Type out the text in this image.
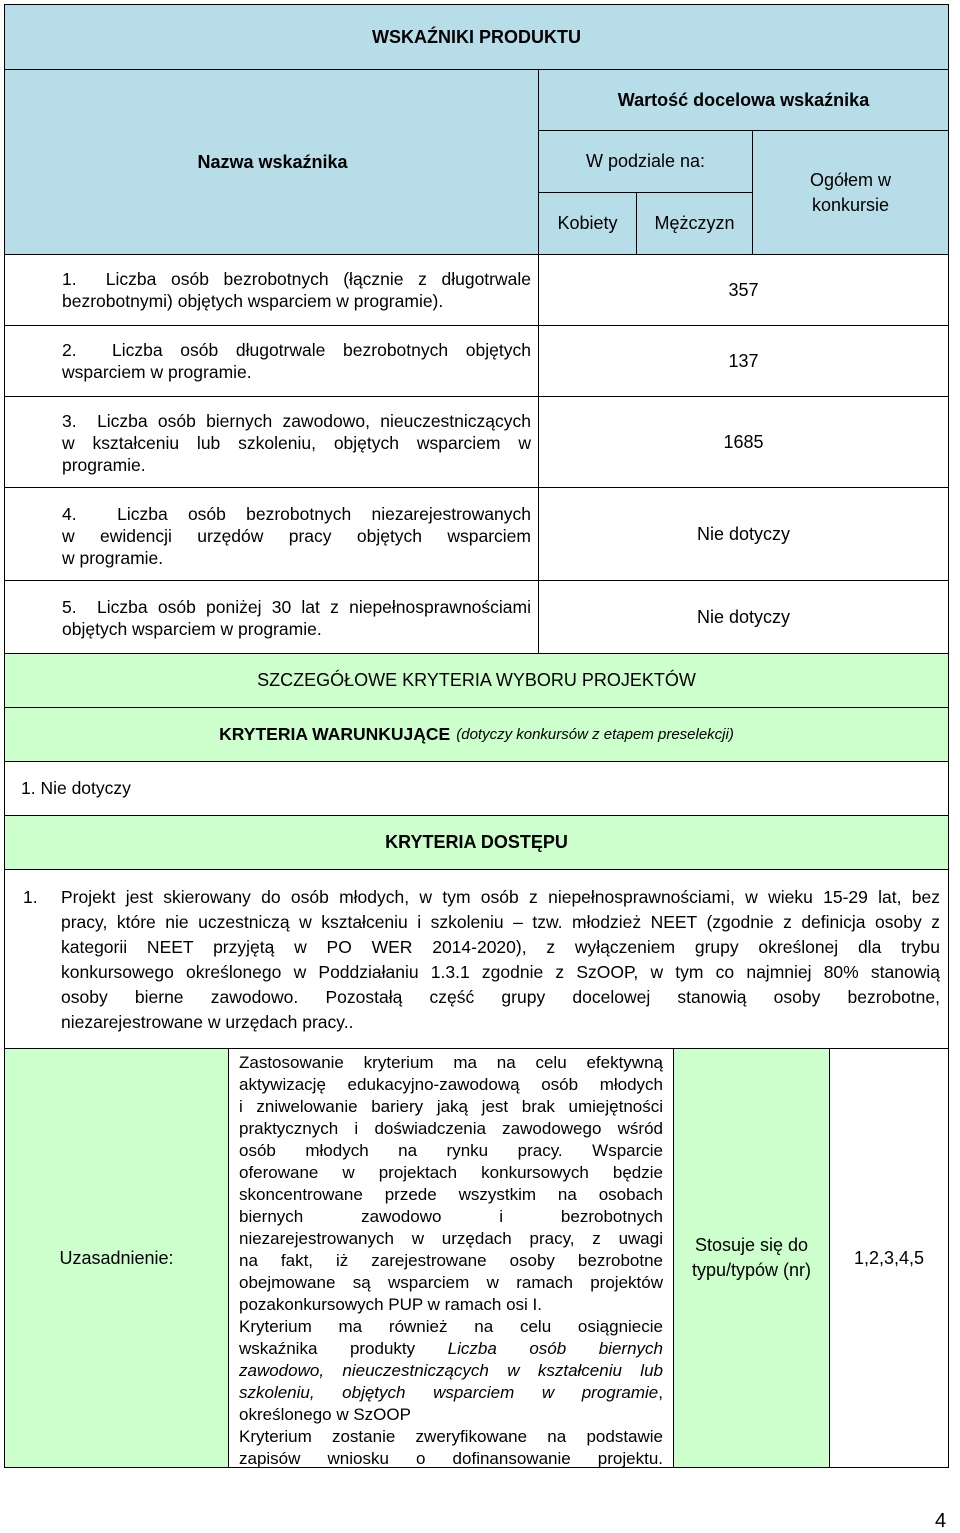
WSKAŹNIKI PRODUKTU
Nazwa wskaźnika
Wartość docelowa wskaźnika
W podziale na:
Kobiety	Mężczyzn
Ogółem w konkursie
1.  Liczba osób bezrobotnych (łącznie z długotrwale
bezrobotnymi) objętych wsparciem w programie).
357
2.  Liczba osób długotrwale bezrobotnych objętych
wsparciem w programie.
137
3.  Liczba osób biernych zawodowo, nieuczestniczących
w kształceniu lub szkoleniu, objętych wsparciem w
programie.
1685
4.  Liczba osób bezrobotnych niezarejestrowanych
w ewidencji urzędów pracy objętych wsparciem
w programie.
Nie dotyczy
5.  Liczba osób poniżej 30 lat z niepełnosprawnościami
objętych wsparciem w programie.
Nie dotyczy
SZCZEGÓŁOWE KRYTERIA WYBORU PROJEKTÓW
KRYTERIA WARUNKUJĄCE (dotyczy konkursów z etapem preselekcji)
1. Nie dotyczy
KRYTERIA DOSTĘPU
1. Projekt jest skierowany do osób młodych, w tym osób z niepełnosprawnościami, w wieku 15-29 lat, bez
pracy, które nie uczestniczą w kształceniu i szkoleniu – tzw. młodzież NEET (zgodnie z definicja osoby z
kategorii NEET przyjętą w PO WER 2014-2020), z wyłączeniem grupy określonej dla trybu
konkursowego określonego w Poddziałaniu 1.3.1 zgodnie z SzOOP, w tym co najmniej 80% stanowią
osoby bierne zawodowo. Pozostałą część grupy docelowej stanowią osoby bezrobotne,
niezarejestrowane w urzędach pracy..
Uzasadnienie:
Zastosowanie kryterium ma na celu efektywną
aktywizację edukacyjno-zawodową osób młodych
i zniwelowanie bariery jaką jest brak umiejętności
praktycznych i doświadczenia zawodowego wśród
osób młodych na rynku pracy. Wsparcie
oferowane w projektach konkursowych będzie
skoncentrowane przede wszystkim na osobach
biernych zawodowo i bezrobotnych
niezarejestrowanych w urzędach pracy, z uwagi
na fakt, iż zarejestrowane osoby bezrobotne
obejmowane są wsparciem w ramach projektów
pozakonkursowych PUP w ramach osi I.
Kryterium ma również na celu osiągniecie
wskaźnika produkty Liczba osób biernych
zawodowo, nieuczestniczących w kształceniu lub
szkoleniu, objętych wsparciem w programie,
określonego w SzOOP
Kryterium zostanie zweryfikowane na podstawie
zapisów wniosku o dofinansowanie projektu.
Stosuje się do typu/typów (nr)
1,2,3,4,5
4
